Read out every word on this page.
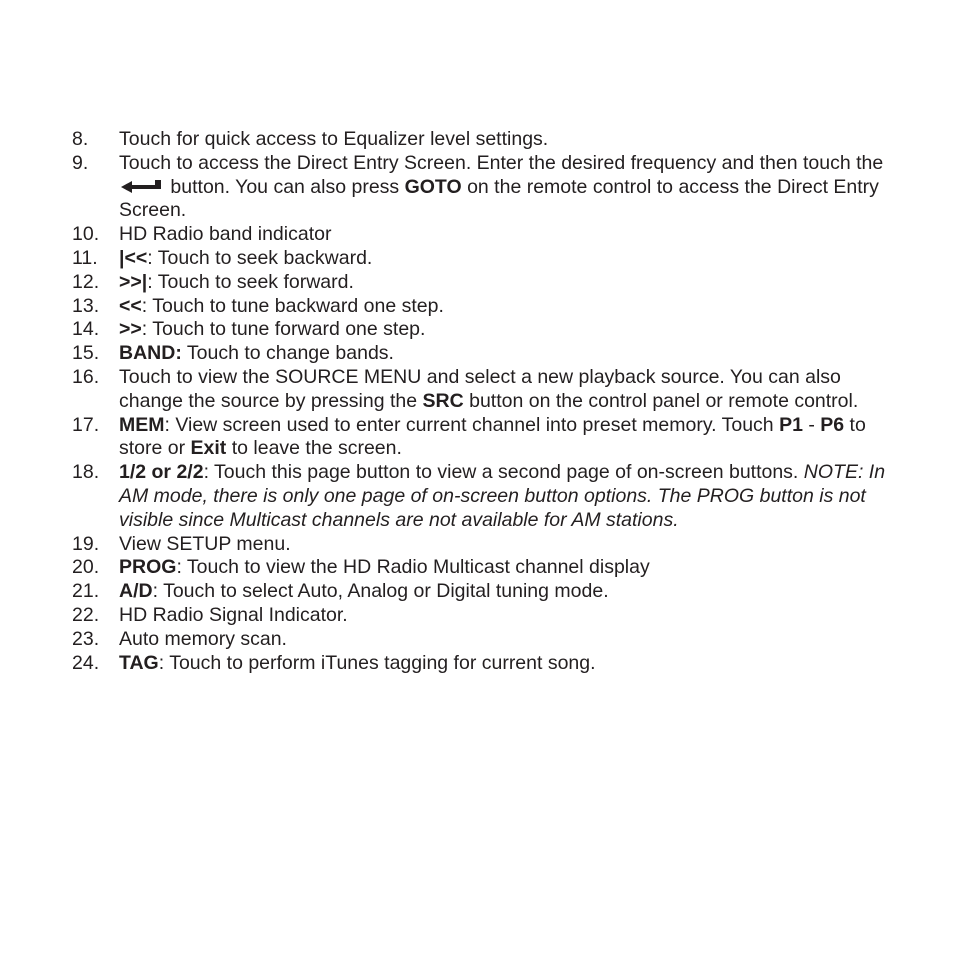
8. Touch for quick access to Equalizer level settings.
9. Touch to access the Direct Entry Screen. Enter the desired frequency and then touch the
button. You can also press GOTO on the remote control to access the Direct Entry Screen.
10. HD Radio band indicator
11. |<<: Touch to seek backward.
12. >>|: Touch to seek forward.
13. <<: Touch to tune backward one step.
14. >>: Touch to tune forward one step.
15. BAND: Touch to change bands.
16. Touch to view the SOURCE MENU and select a new playback source. You can also change the source by pressing the SRC button on the control panel or remote control.
17. MEM: View screen used to enter current channel into preset memory. Touch P1 - P6 to store or Exit to leave the screen.
18. 1/2 or 2/2: Touch this page button to view a second page of on-screen buttons. NOTE: In AM mode, there is only one page of on-screen button options. The PROG button is not visible since Multicast channels are not available for AM stations.
19. View SETUP menu.
20. PROG: Touch to view the HD Radio Multicast channel display
21. A/D: Touch to select Auto, Analog or Digital tuning mode.
22. HD Radio Signal Indicator.
23. Auto memory scan.
24. TAG: Touch to perform iTunes tagging for current song.
